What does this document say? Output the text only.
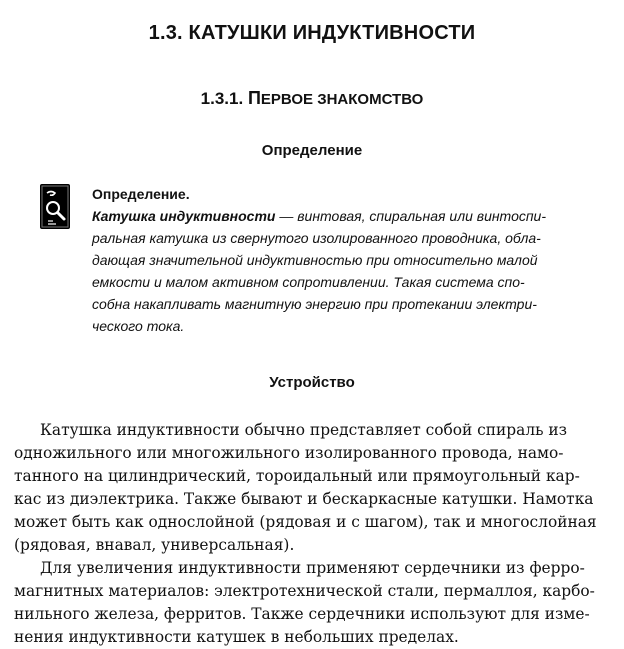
1.3. КАТУШКИ ИНДУКТИВНОСТИ
1.3.1. ПЕРВОЕ ЗНАКОМСТВО
Определение
Определение.
Катушка индуктивности — винтовая, спиральная или винтоспи-
ральная катушка из свернутого изолированного проводника, обла-
дающая значительной индуктивностью при относительно малой
емкости и малом активном сопротивлении. Такая система спо-
собна накапливать магнитную энергию при протекании электри-
ческого тока.
Устройство
Катушка индуктивности обычно представляет собой спираль из
одножильного или многожильного изолированного провода, намо-
танного на цилиндрический, тороидальный или прямоугольный кар-
кас из диэлектрика. Также бывают и бескаркасные катушки. Намотка
может быть как однослойной (рядовая и с шагом), так и многослойная
(рядовая, внавал, универсальная).
Для увеличения индуктивности применяют сердечники из ферро-
магнитных материалов: электротехнической стали, пермаллоя, карбо-
нильного железа, ферритов. Также сердечники используют для изме-
нения индуктивности катушек в небольших пределах.
